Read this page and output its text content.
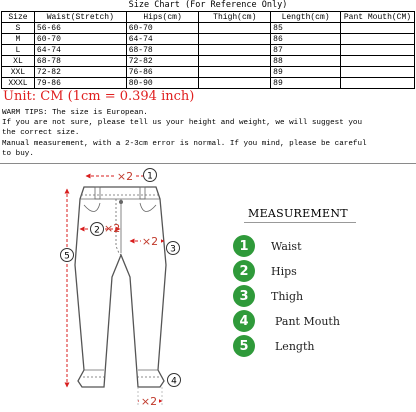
Size Chart (For Reference Only)
Size	Waist(Stretch)	Hips(cm)	Thigh(cm)	Length(cm)	Pant Mouth(CM)
S	56-66	60-70		85	
M	60-70	64-74		86	
L	64-74	68-78		87	
XL	68-78	72-82		88	
XXL	72-82	76-86		89	
XXXL	79-86	80-90		89	
Unit: CM (1cm = 0.394 inch)
WARM TIPS: The size is European.
If you are not sure, please tell us your height and weight, we will suggest you
the correct size.
Manual measurement, with a 2-3cm error is normal. If you mind, please be careful
to buy.
×2 1
2 ×2
×2
3
5
×2
4
MEASUREMENT
1	Waist
2	Hips
3	Thigh
4	Pant Mouth
5	Length
